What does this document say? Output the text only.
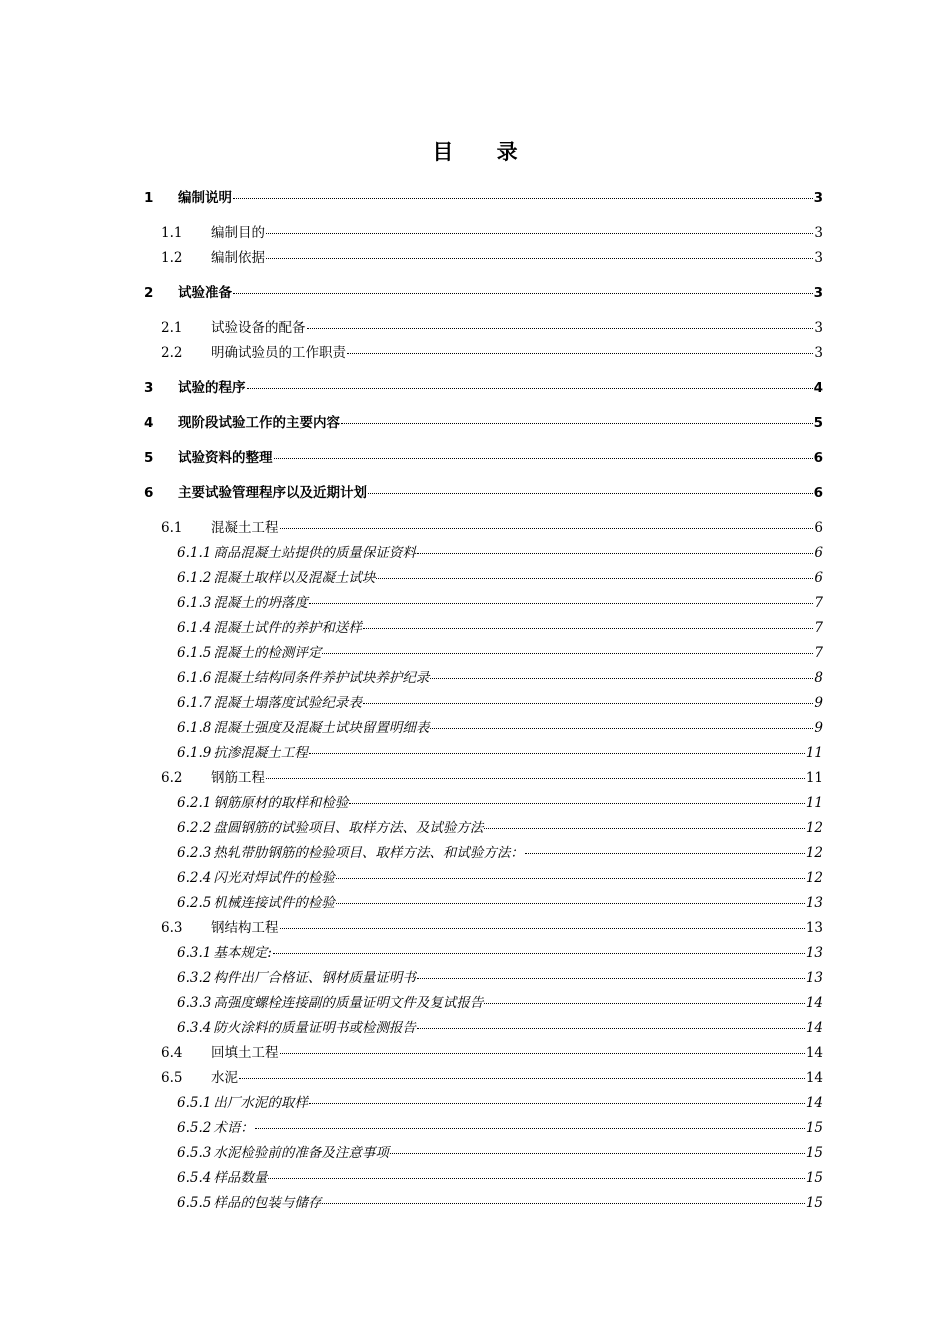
目 录
1	编制说明	3
1.1	编制目的	3
1.2	编制依据	3
2	试验准备	3
2.1	试验设备的配备	3
2.2	明确试验员的工作职责	3
3	试验的程序	4
4	现阶段试验工作的主要内容	5
5	试验资料的整理	6
6	主要试验管理程序以及近期计划	6
6.1	混凝土工程	6
6.1.1 商品混凝土站提供的质量保证资料	6
6.1.2 混凝土取样以及混凝土试块	6
6.1.3 混凝土的坍落度	7
6.1.4 混凝土试件的养护和送样	7
6.1.5 混凝土的检测评定	7
6.1.6 混凝土结构同条件养护试块养护纪录	8
6.1.7 混凝土塌落度试验纪录表	9
6.1.8 混凝土强度及混凝土试块留置明细表	9
6.1.9 抗渗混凝土工程	11
6.2	钢筋工程	11
6.2.1 钢筋原材的取样和检验	11
6.2.2 盘圆钢筋的试验项目、取样方法、及试验方法	12
6.2.3 热轧带肋钢筋的检验项目、取样方法、和试验方法：	12
6.2.4 闪光对焊试件的检验	12
6.2.5 机械连接试件的检验	13
6.3	钢结构工程	13
6.3.1 基本规定:	13
6.3.2 构件出厂合格证、钢材质量证明书	13
6.3.3 高强度螺栓连接副的质量证明文件及复试报告	14
6.3.4 防火涂料的质量证明书或检测报告	14
6.4	回填土工程	14
6.5	水泥	14
6.5.1 出厂水泥的取样	14
6.5.2 术语：	15
6.5.3 水泥检验前的准备及注意事项	15
6.5.4 样品数量	15
6.5.5 样品的包装与储存	15
